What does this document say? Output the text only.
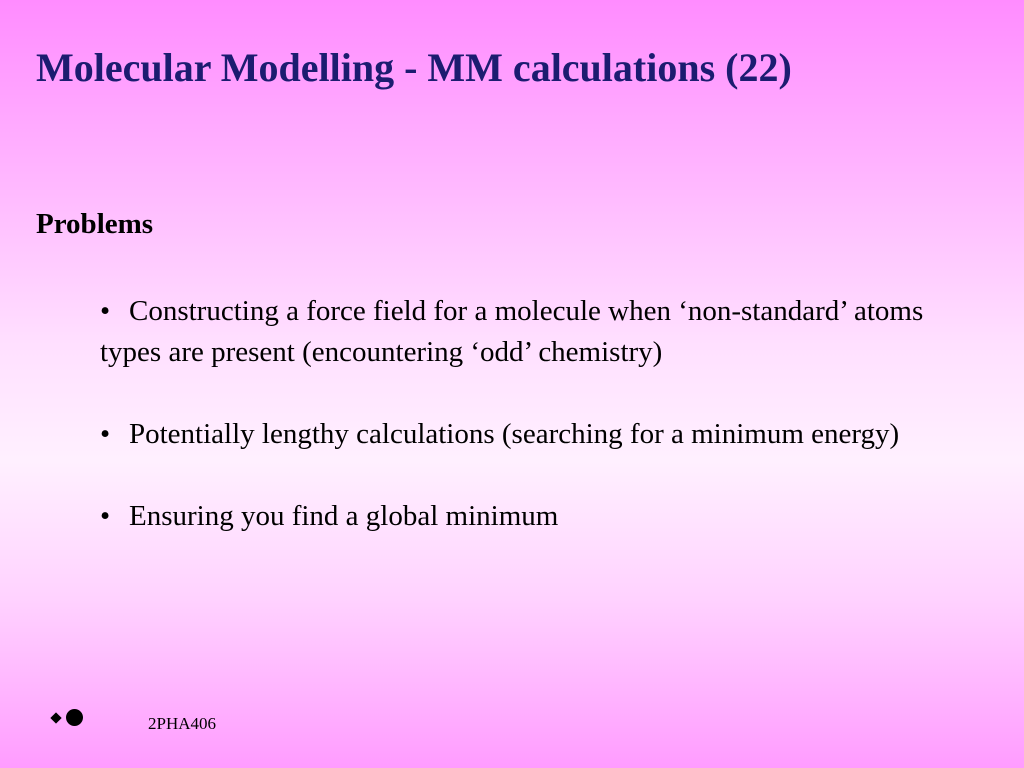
Molecular Modelling - MM calculations (22)
Problems
• Constructing a force field for a molecule when ‘non-standard’ atoms types are present (encountering ‘odd’ chemistry)
• Potentially lengthy calculations (searching for a minimum energy)
• Ensuring you find a global minimum
2PHA406
